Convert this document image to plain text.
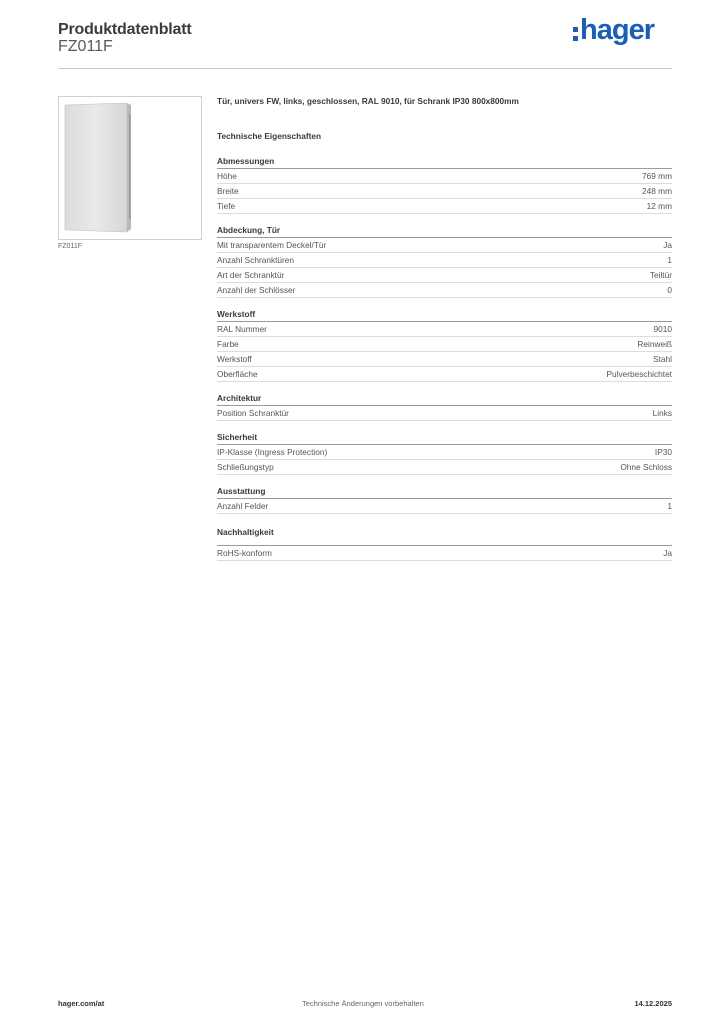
Produktdatenblatt
FZ011F
hager
FZ011F
Tür, univers FW, links, geschlossen, RAL 9010, für Schrank IP30 800x800mm
Technische Eigenschaften
Abmessungen
Höhe	769 mm
Breite	248 mm
Tiefe	12 mm
Abdeckung, Tür
Mit transparentem Deckel/Tür	Ja
Anzahl Schranktüren	1
Art der Schranktür	Teiltür
Anzahl der Schlösser	0
Werkstoff
RAL Nummer	9010
Farbe	Reinweiß
Werkstoff	Stahl
Oberfläche	Pulverbeschichtet
Architektur
Position Schranktür	Links
Sicherheit
IP-Klasse (Ingress Protection)	IP30
Schließungstyp	Ohne Schloss
Ausstattung
Anzahl Felder	1
Nachhaltigkeit
RoHS-konform	Ja
hager.com/at	Technische Änderungen vorbehalten	14.12.2025
